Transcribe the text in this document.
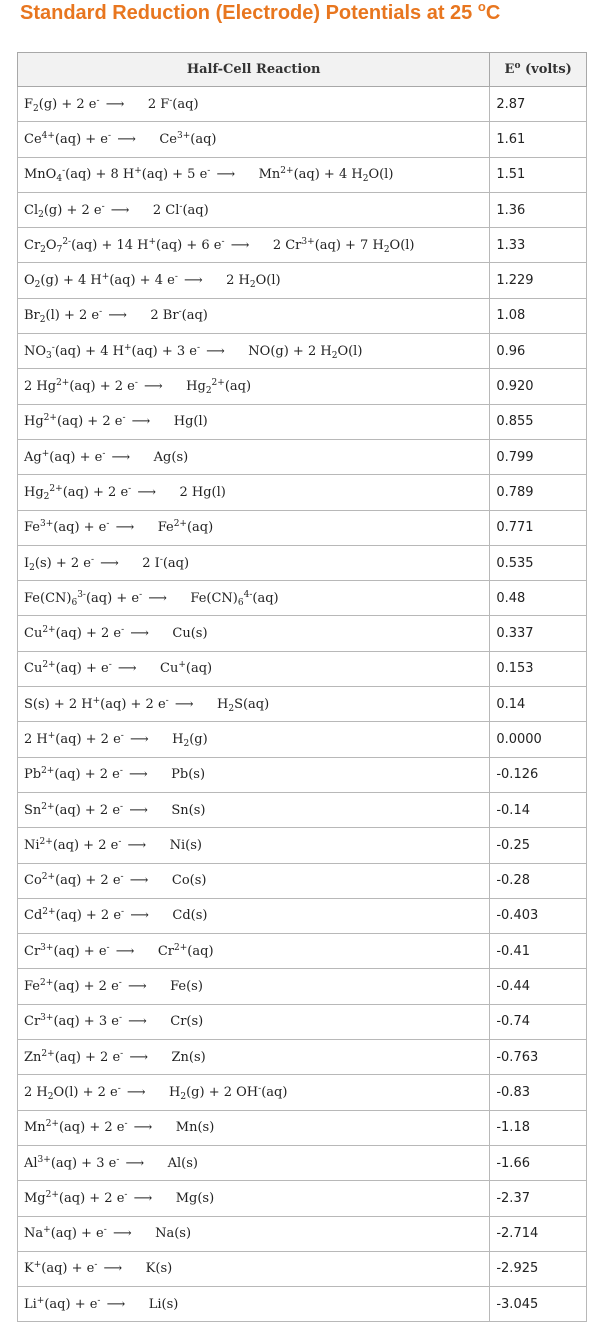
Standard Reduction (Electrode) Potentials at 25 $^o$C
Half-Cell Reaction	$E^o$ (volts)
$F_2(g) + 2$ e- ⟶ 2 F-(aq)	2.87
$Ce^{4+}(aq) + e^-$ ⟶ $Ce^{3+}(aq)$	1.61
MnO$_4$-(aq) + 8 H+(aq) + 5 e- ⟶ $Mn^{2+}(aq) + 4$ $H_2O(l)$	1.51
$Cl_2(g) + 2$ e- ⟶ 2 Cl-(aq)	1.36
$Cr_2O_7^{2-}(aq) + 14$ H+(aq) + 6 e- ⟶ 2 $Cr^{3+}(aq) + 7$ $H_2O(l)$	1.33
$O_2(g) + 4$ H+(aq) + 4 e- ⟶ 2 $H_2O(l)$	1.229
$Br_2(l) + 2$ e- ⟶ 2 Br-(aq)	1.08
$NO_3^-(aq) + 4$ H+(aq) + 3 e- ⟶ NO(g) + 2 $H_2O(l)$	0.96
2 $Hg^{2+}(aq) + 2$ e- ⟶ $Hg_2^{2+}(aq)$	0.920
$Hg^{2+}(aq) + 2$ e- ⟶ Hg(l)	0.855
Ag+(aq) + e- ⟶ Ag(s)	0.799
$Hg_2^{2+}(aq) + 2$ e- ⟶ 2 Hg(l)	0.789
$Fe^{3+}(aq) + e^-$ ⟶ $Fe^{2+}(aq)$	0.771
$I_2(s) + 2$ e- ⟶ 2 I-(aq)	0.535
$Fe(CN)_6^{3-}(aq) + e^-$ ⟶ $Fe(CN)_6^{4-}(aq)$	0.48
$Cu^{2+}(aq) + 2$ e- ⟶ Cu(s)	0.337
$Cu^{2+}(aq) + e^-$ ⟶ Cu+(aq)	0.153
S(s) + 2 H+(aq) + 2 e- ⟶ $H_2S(aq)$	0.14
2 H+(aq) + 2 e- ⟶ $H_2(g)$	0.0000
$Pb^{2+}(aq) + 2$ e- ⟶ Pb(s)	-0.126
$Sn^{2+}(aq) + 2$ e- ⟶ Sn(s)	-0.14
$Ni^{2+}(aq) + 2$ e- ⟶ Ni(s)	-0.25
$Co^{2+}(aq) + 2$ e- ⟶ Co(s)	-0.28
$Cd^{2+}(aq) + 2$ e- ⟶ Cd(s)	-0.403
$Cr^{3+}(aq) + e^-$ ⟶ $Cr^{2+}(aq)$	-0.41
$Fe^{2+}(aq) + 2$ e- ⟶ Fe(s)	-0.44
$Cr^{3+}(aq) + 3$ e- ⟶ Cr(s)	-0.74
$Zn^{2+}(aq) + 2$ e- ⟶ Zn(s)	-0.763
2 $H_2O(l) + 2$ e- ⟶ $H_2(g) + 2$ OH-(aq)	-0.83
$Mn^{2+}(aq) + 2$ e- ⟶ Mn(s)	-1.18
$Al^{3+}(aq) + 3$ e- ⟶ Al(s)	-1.66
$Mg^{2+}(aq) + 2$ e- ⟶ Mg(s)	-2.37
Na+(aq) + e- ⟶ Na(s)	-2.714
K+(aq) + e- ⟶ K(s)	-2.925
Li+(aq) + e- ⟶ Li(s)	-3.045
